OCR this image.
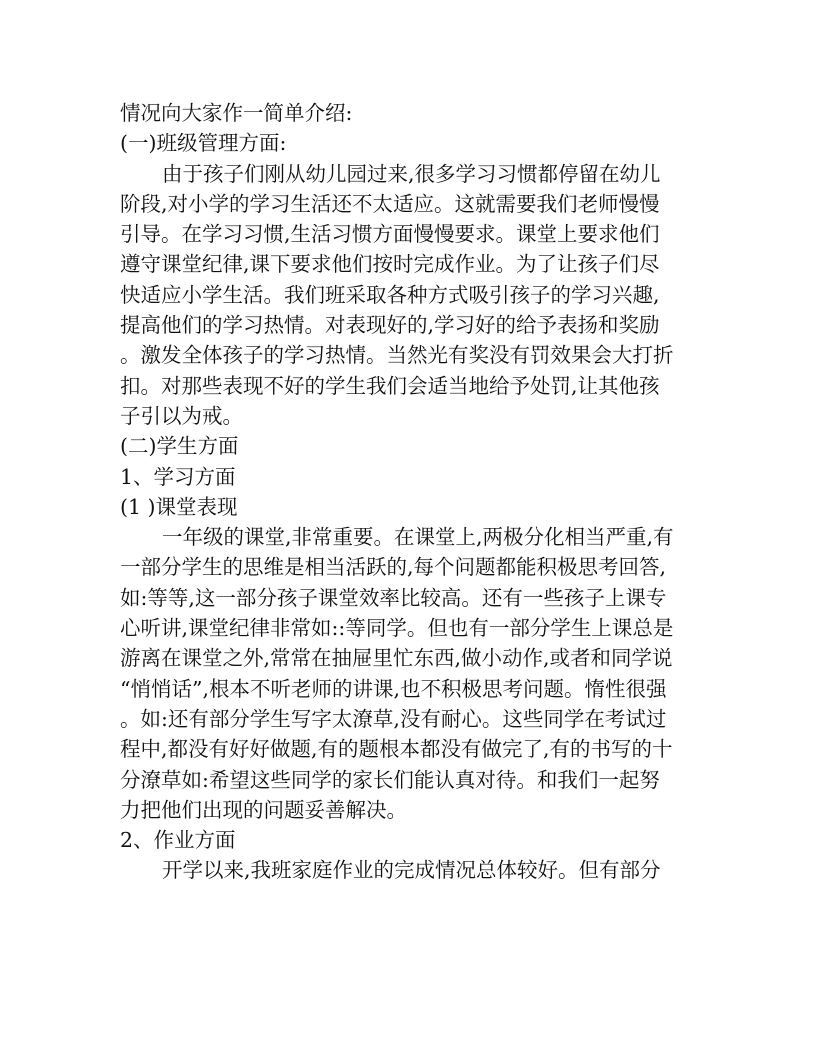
情况向大家作一简单介绍:
(一)班级管理方面:
由于孩子们刚从幼儿园过来,很多学习习惯都停留在幼儿
阶段,对小学的学习生活还不太适应。这就需要我们老师慢慢
引导。在学习习惯,生活习惯方面慢慢要求。课堂上要求他们
遵守课堂纪律,课下要求他们按时完成作业。为了让孩子们尽
快适应小学生活。我们班采取各种方式吸引孩子的学习兴趣,
提高他们的学习热情。对表现好的,学习好的给予表扬和奖励
。激发全体孩子的学习热情。当然光有奖没有罚效果会大打折
扣。对那些表现不好的学生我们会适当地给予处罚,让其他孩
子引以为戒。
(二)学生方面
1、学习方面
(1 )课堂表现
一年级的课堂,非常重要。在课堂上,两极分化相当严重,有
一部分学生的思维是相当活跃的,每个问题都能积极思考回答,
如:等等,这一部分孩子课堂效率比较高。还有一些孩子上课专
心听讲,课堂纪律非常如::等同学。但也有一部分学生上课总是
游离在课堂之外,常常在抽屉里忙东西,做小动作,或者和同学说
“悄悄话”,根本不听老师的讲课,也不积极思考问题。惰性很强
。如:还有部分学生写字太潦草,没有耐心。这些同学在考试过
程中,都没有好好做题,有的题根本都没有做完了,有的书写的十
分潦草如:希望这些同学的家长们能认真对待。和我们一起努
力把他们出现的问题妥善解决。
2、作业方面
开学以来,我班家庭作业的完成情况总体较好。但有部分
